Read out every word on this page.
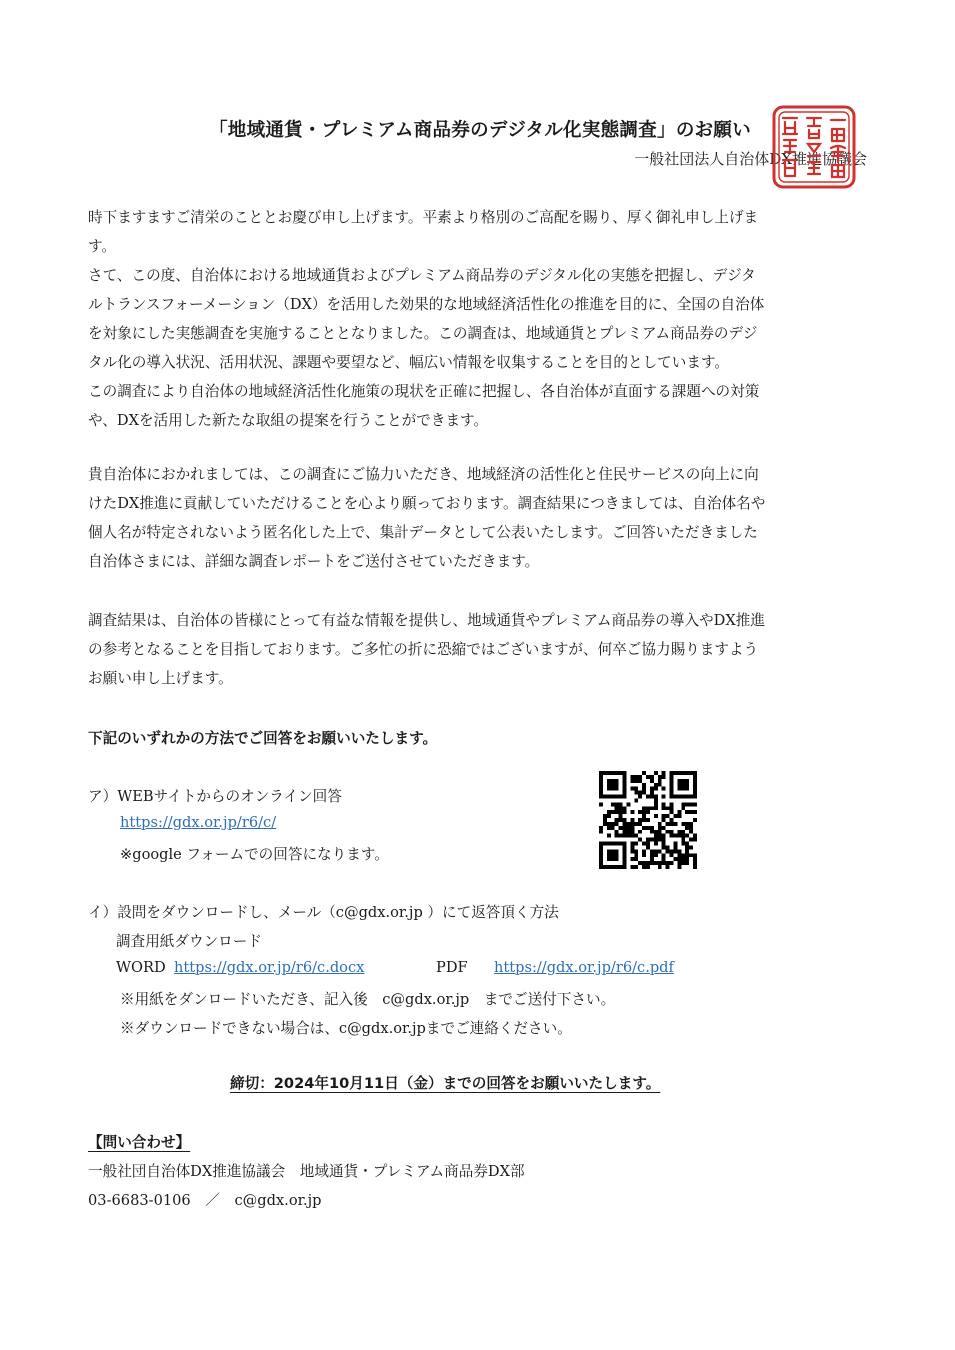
「地域通貨・プレミアム商品券のデジタル化実態調査」のお願い
一般社団法人自治体DX推進協議会
時下ますますご清栄のこととお慶び申し上げます。平素より格別のご高配を賜り、厚く御礼申し上げま
す。
さて、この度、自治体における地域通貨およびプレミアム商品券のデジタル化の実態を把握し、デジタ
ルトランスフォーメーション（DX）を活用した効果的な地域経済活性化の推進を目的に、全国の自治体
を対象にした実態調査を実施することとなりました。この調査は、地域通貨とプレミアム商品券のデジ
タル化の導入状況、活用状況、課題や要望など、幅広い情報を収集することを目的としています。
この調査により自治体の地域経済活性化施策の現状を正確に把握し、各自治体が直面する課題への対策
や、DXを活用した新たな取組の提案を行うことができます。
貴自治体におかれましては、この調査にご協力いただき、地域経済の活性化と住民サービスの向上に向
けたDX推進に貢献していただけることを心より願っております。調査結果につきましては、自治体名や
個人名が特定されないよう匿名化した上で、集計データとして公表いたします。ご回答いただきました
自治体さまには、詳細な調査レポートをご送付させていただきます。
調査結果は、自治体の皆様にとって有益な情報を提供し、地域通貨やプレミアム商品券の導入やDX推進
の参考となることを目指しております。ご多忙の折に恐縮ではございますが、何卒ご協力賜りますよう
お願い申し上げます。
下記のいずれかの方法でご回答をお願いいたします。
ア）WEBサイトからのオンライン回答
https://gdx.or.jp/r6/c/
※google フォームでの回答になります。
イ）設問をダウンロードし、メール（c@gdx.or.jp ）にて返答頂く方法
調査用紙ダウンロード
WORD https://gdx.or.jp/r6/c.docx	PDF https://gdx.or.jp/r6/c.pdf
※用紙をダンロードいただき、記入後　c@gdx.or.jp　までご送付下さい。
※ダウンロードできない場合は、c@gdx.or.jpまでご連絡ください。
締切：2024年10月11日（金）までの回答をお願いいたします。
【問い合わせ】
一般社団自治体DX推進協議会　地域通貨・プレミアム商品券DX部
03-6683-0106　／　c@gdx.or.jp
